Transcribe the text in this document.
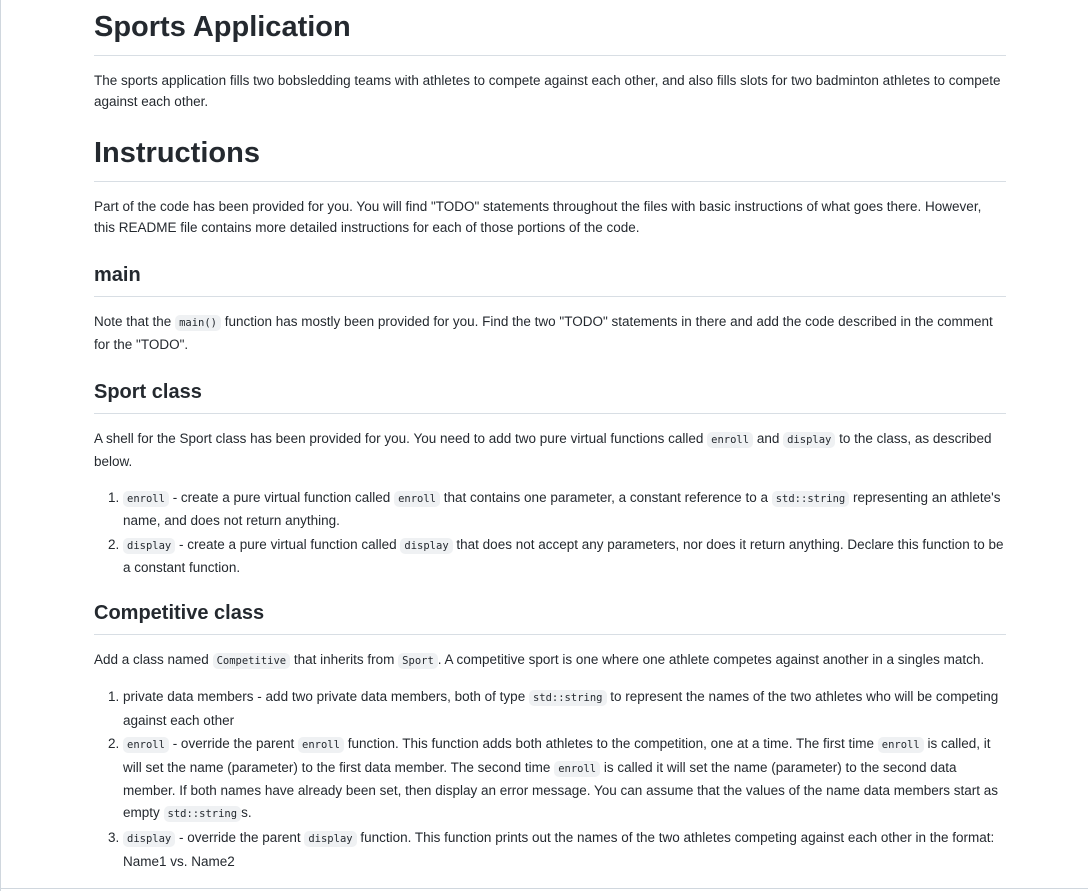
Sports Application

The sports application fills two bobsledding teams with athletes to compete against each other, and also fills slots for two badminton athletes to compete against each other.

Instructions

Part of the code has been provided for you. You will find "TODO" statements throughout the files with basic instructions of what goes there. However, this README file contains more detailed instructions for each of those portions of the code.

main

Note that the main() function has mostly been provided for you. Find the two "TODO" statements in there and add the code described in the comment for the "TODO".

Sport class

A shell for the Sport class has been provided for you. You need to add two pure virtual functions called enroll and display to the class, as described below.

1. enroll - create a pure virtual function called enroll that contains one parameter, a constant reference to a std::string representing an athlete's name, and does not return anything.
2. display - create a pure virtual function called display that does not accept any parameters, nor does it return anything. Declare this function to be a constant function.
Competitive class

Add a class named Competitive that inherits from Sport . A competitive sport is one where one athlete competes against another in a singles match.

1. private data members - add two private data members, both of type std::string to represent the names of the two athletes who will be competing against each other
2. enroll - override the parent enroll function. This function adds both athletes to the competition, one at a time. The first time enroll is called, it will set the name (parameter) to the first data member. The second time enroll is called it will set the name (parameter) to the second data member. If both names have already been set, then display an error message. You can assume that the values of the name data members start as empty std::string s.
3. display - override the parent display function. This function prints out the names of the two athletes competing against each other in the format: Name1 vs. Name2
